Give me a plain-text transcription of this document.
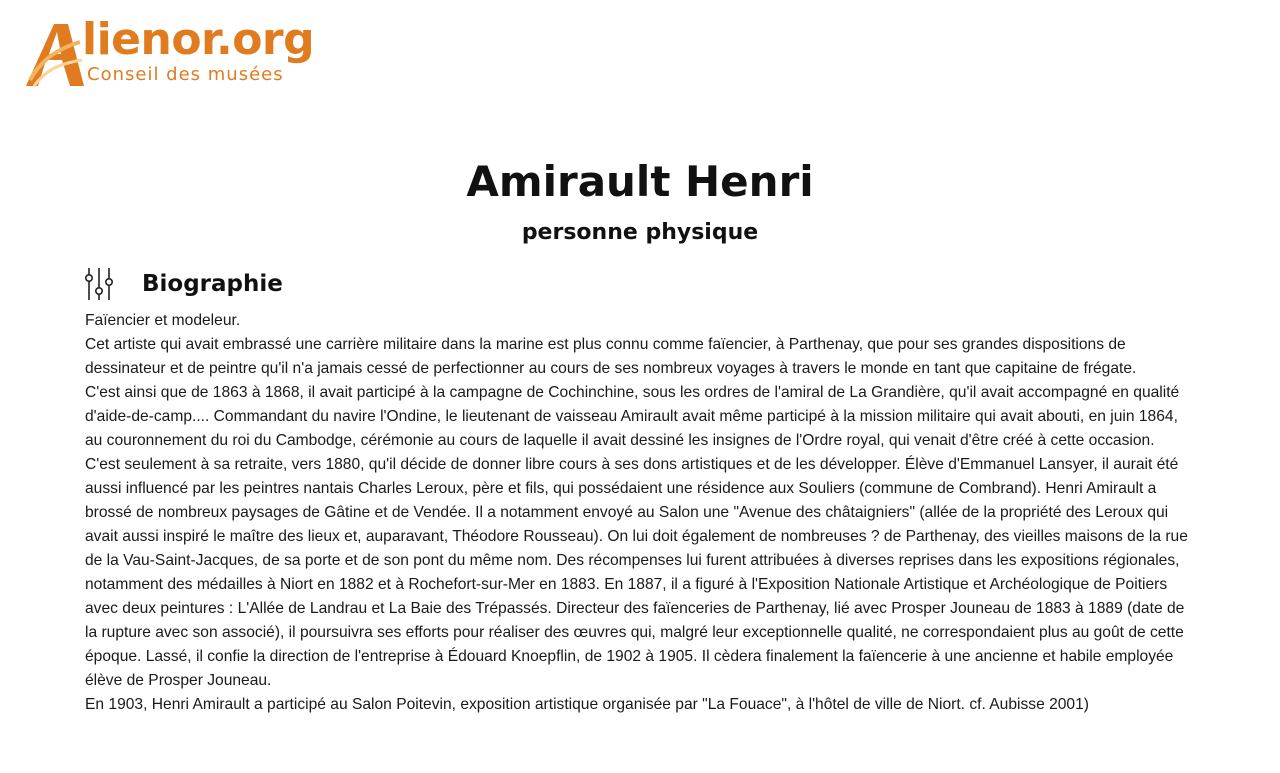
lienor.org
Conseil des musées
Amirault Henri
personne physique
Biographie

Faïencier et modeleur.

Cet artiste qui avait embrassé une carrière militaire dans la marine est plus connu comme faïencier, à Parthenay, que pour ses grandes dispositions de dessinateur et de peintre qu'il n'a jamais cessé de perfectionner au cours de ses nombreux voyages à travers le monde en tant que capitaine de frégate.

C'est ainsi que de 1863 à 1868, il avait participé à la campagne de Cochinchine, sous les ordres de l'amiral de La Grandière, qu'il avait accompagné en qualité d'aide-de-camp.... Commandant du navire l'Ondine, le lieutenant de vaisseau Amirault avait même participé à la mission militaire qui avait abouti, en juin 1864, au couronnement du roi du Cambodge, cérémonie au cours de laquelle il avait dessiné les insignes de l'Ordre royal, qui venait d'être créé à cette occasion.

C'est seulement à sa retraite, vers 1880, qu'il décide de donner libre cours à ses dons artistiques et de les développer. Élève d'Emmanuel Lansyer, il aurait été aussi influencé par les peintres nantais Charles Leroux, père et fils, qui possédaient une résidence aux Souliers (commune de Combrand). Henri Amirault a brossé de nombreux paysages de Gâtine et de Vendée. Il a notamment envoyé au Salon une "Avenue des châtaigniers" (allée de la propriété des Leroux qui avait aussi inspiré le maître des lieux et, auparavant, Théodore Rousseau). On lui doit également de nombreuses ? de Parthenay, des vieilles maisons de la rue de la Vau-Saint-Jacques, de sa porte et de son pont du même nom. Des récompenses lui furent attribuées à diverses reprises dans les expositions régionales, notamment des médailles à Niort en 1882 et à Rochefort-sur-Mer en 1883. En 1887, il a figuré à l'Exposition Nationale Artistique et Archéologique de Poitiers avec deux peintures : L'Allée de Landrau et La Baie des Trépassés. Directeur des faïenceries de Parthenay, lié avec Prosper Jouneau de 1883 à 1889 (date de la rupture avec son associé), il poursuivra ses efforts pour réaliser des œuvres qui, malgré leur exceptionnelle qualité, ne correspondaient plus au goût de cette époque. Lassé, il confie la direction de l'entreprise à Édouard Knoepflin, de 1902 à 1905. Il cèdera finalement la faïencerie à une ancienne et habile employée élève de Prosper Jouneau.

En 1903, Henri Amirault a participé au Salon Poitevin, exposition artistique organisée par "La Fouace", à l'hôtel de ville de Niort. cf. Aubisse 2001)
